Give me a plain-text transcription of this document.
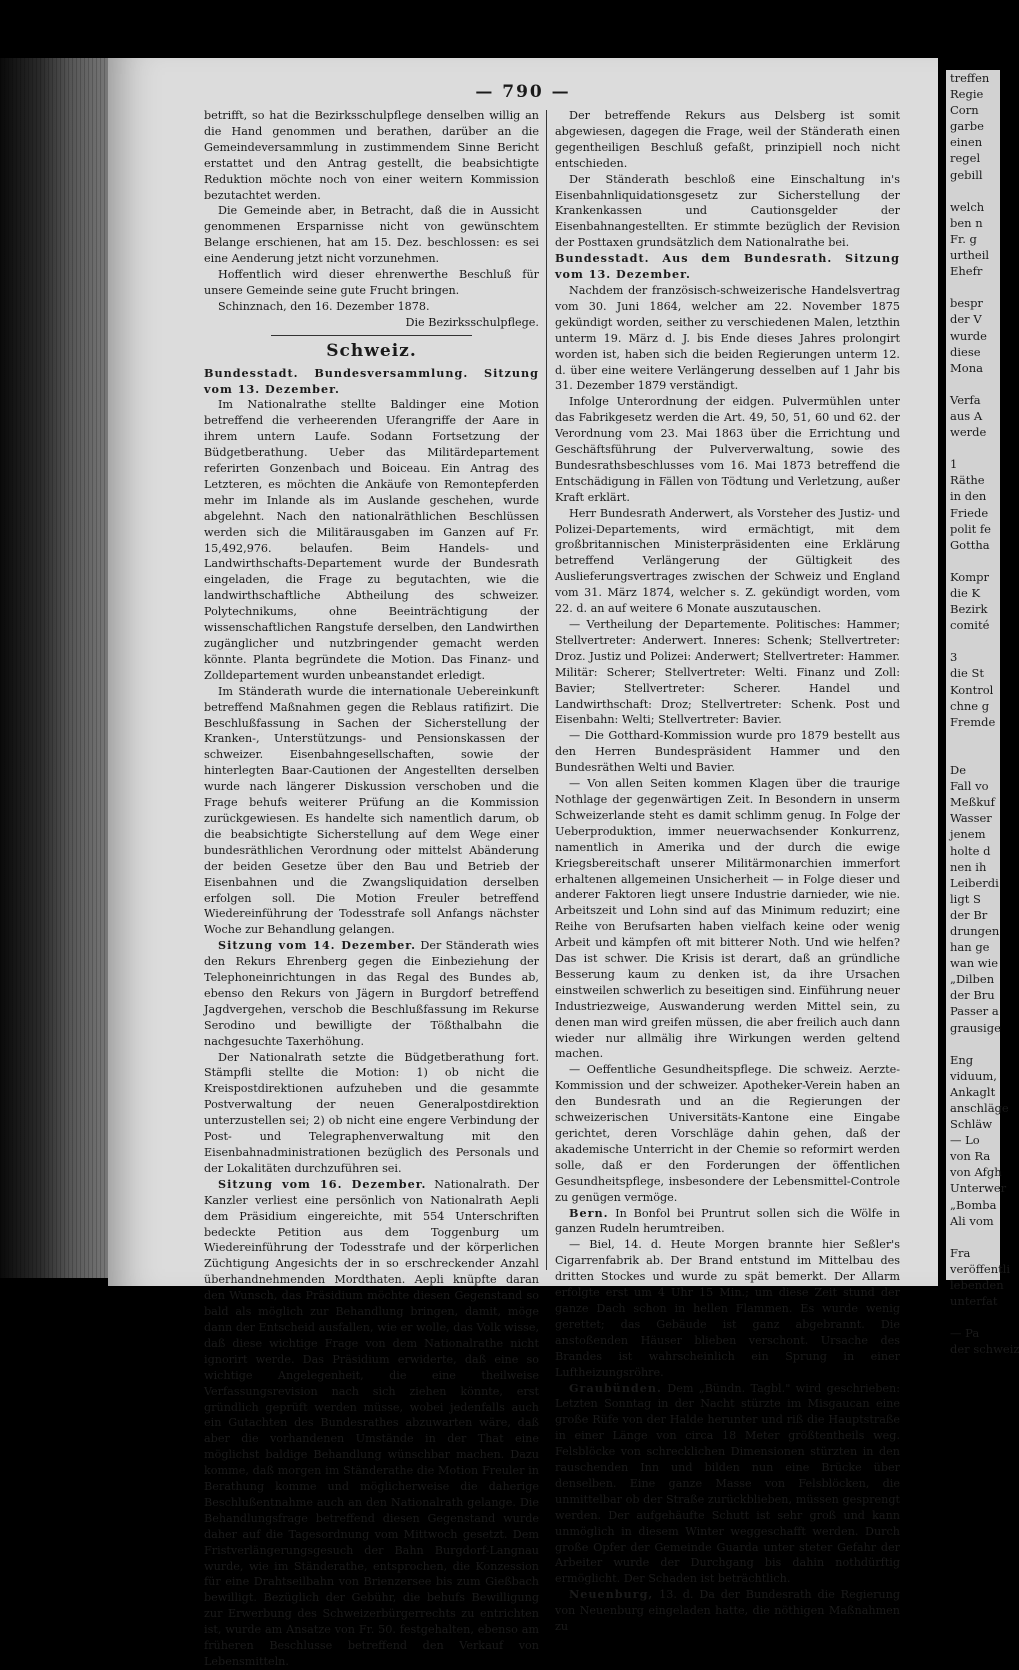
— 790 —

betrifft, so hat die Bezirksschulpflege denselben willig an die Hand genommen und berathen, darüber an die Gemeindeversammlung in zustimmendem Sinne Bericht erstattet und den Antrag gestellt, die beabsichtigte Reduktion möchte noch von einer weitern Kommission bezutachtet werden.

Die Gemeinde aber, in Betracht, daß die in Aussicht genommenen Ersparnisse nicht von gewünschtem Belange erschienen, hat am 15. Dez. beschlossen: es sei eine Aenderung jetzt nicht vorzunehmen.

Hoffentlich wird dieser ehrenwerthe Beschluß für unsere Gemeinde seine gute Frucht bringen.

Schinznach, den 16. Dezember 1878.

Die Bezirksschulpflege.

Schweiz.

Bundesstadt. Bundesversammlung. Sitzung vom 13. Dezember.

Im Nationalrathe stellte Baldinger eine Motion betreffend die verheerenden Uferangriffe der Aare in ihrem untern Laufe. Sodann Fortsetzung der Büdgetberathung. Ueber das Militärdepartement referirten Gonzenbach und Boiceau. Ein Antrag des Letzteren, es möchten die Ankäufe von Remontepferden mehr im Inlande als im Auslande geschehen, wurde abgelehnt. Nach den nationalräthlichen Beschlüssen werden sich die Militärausgaben im Ganzen auf Fr. 15,492,976. belaufen. Beim Handels- und Landwirthschafts-Departement wurde der Bundesrath eingeladen, die Frage zu begutachten, wie die landwirthschaftliche Abtheilung des schweizer. Polytechnikums, ohne Beeinträchtigung der wissenschaftlichen Rangstufe derselben, den Landwirthen zugänglicher und nutzbringender gemacht werden könnte. Planta begründete die Motion. Das Finanz- und Zolldepartement wurden unbeanstandet erledigt.

Im Ständerath wurde die internationale Uebereinkunft betreffend Maßnahmen gegen die Reblaus ratifizirt. Die Beschlußfassung in Sachen der Sicherstellung der Kranken-, Unterstützungs- und Pensionskassen der schweizer. Eisenbahngesellschaften, sowie der hinterlegten Baar-Cautionen der Angestellten derselben wurde nach längerer Diskussion verschoben und die Frage behufs weiterer Prüfung an die Kommission zurückgewiesen. Es handelte sich namentlich darum, ob die beabsichtigte Sicherstellung auf dem Wege einer bundesräthlichen Verordnung oder mittelst Abänderung der beiden Gesetze über den Bau und Betrieb der Eisenbahnen und die Zwangsliquidation derselben erfolgen soll. Die Motion Freuler betreffend Wiedereinführung der Todesstrafe soll Anfangs nächster Woche zur Behandlung gelangen.

Sitzung vom 14. Dezember. Der Ständerath wies den Rekurs Ehrenberg gegen die Einbeziehung der Telephoneinrichtungen in das Regal des Bundes ab, ebenso den Rekurs von Jägern in Burgdorf betreffend Jagdvergehen, verschob die Beschlußfassung im Rekurse Serodino und bewilligte der Tößthalbahn die nachgesuchte Taxerhöhung.

Der Nationalrath setzte die Büdgetberathung fort. Stämpfli stellte die Motion: 1) ob nicht die Kreispostdirektionen aufzuheben und die gesammte Postverwaltung der neuen Generalpostdirektion unterzustellen sei; 2) ob nicht eine engere Verbindung der Post- und Telegraphenverwaltung mit den Eisenbahnadministrationen bezüglich des Personals und der Lokalitäten durchzuführen sei.

Sitzung vom 16. Dezember. Nationalrath. Der Kanzler verliest eine persönlich von Nationalrath Aepli dem Präsidium eingereichte, mit 554 Unterschriften bedeckte Petition aus dem Toggenburg um Wiedereinführung der Todesstrafe und der körperlichen Züchtigung Angesichts der in so erschreckender Anzahl überhandnehmenden Mordthaten. Aepli knüpfte daran den Wunsch, das Präsidium möchte diesen Gegenstand so bald als möglich zur Behandlung bringen, damit, möge dann der Entscheid ausfallen, wie er wolle, das Volk wisse, daß diese wichtige Frage von dem Nationalrathe nicht ignorirt werde. Das Präsidium erwiderte, daß eine so wichtige Angelegenheit, die eine theilweise Verfassungsrevision nach sich ziehen könnte, erst gründlich geprüft werden müsse, wobei jedenfalls auch ein Gutachten des Bundesrathes abzuwarten wäre, daß aber die vorhandenen Umstände in der That eine möglichst baldige Behandlung wünschbar machen. Dazu komme, daß morgen im Ständerathe die Motion Freuler in Berathung komme und möglicherweise die daherige Beschlußentnahme auch an den Nationalrath gelange. Die Behandlungsfrage betreffend diesen Gegenstand wurde daher auf die Tagesordnung vom Mittwoch gesetzt. Dem Fristverlängerungsgesuch der Bahn Burgdorf-Langnau wurde, wie im Ständerathe, entsprochen, die Konzession für eine Drahtseilbahn von Brienzersee bis zum Gießbach bewilligt. Bezüglich der Gebühr, die behufs Bewilligung zur Erwerbung des Schweizerbürgerrechts zu entrichten ist, wurde am Ansatze von Fr. 50. festgehalten, ebenso am früheren Beschlusse betreffend den Verkauf von Lebensmitteln.

Der betreffende Rekurs aus Delsberg ist somit abgewiesen, dagegen die Frage, weil der Ständerath einen gegentheiligen Beschluß gefaßt, prinzipiell noch nicht entschieden.

Der Ständerath beschloß eine Einschaltung in's Eisenbahnliquidationsgesetz zur Sicherstellung der Krankenkassen und Cautionsgelder der Eisenbahnangestellten. Er stimmte bezüglich der Revision der Posttaxen grundsätzlich dem Nationalrathe bei.

Bundesstadt. Aus dem Bundesrath. Sitzung vom 13. Dezember.

Nachdem der französisch-schweizerische Handelsvertrag vom 30. Juni 1864, welcher am 22. November 1875 gekündigt worden, seither zu verschiedenen Malen, letzthin unterm 19. März d. J. bis Ende dieses Jahres prolongirt worden ist, haben sich die beiden Regierungen unterm 12. d. über eine weitere Verlängerung desselben auf 1 Jahr bis 31. Dezember 1879 verständigt.

Infolge Unterordnung der eidgen. Pulvermühlen unter das Fabrikgesetz werden die Art. 49, 50, 51, 60 und 62. der Verordnung vom 23. Mai 1863 über die Errichtung und Geschäftsführung der Pulververwaltung, sowie des Bundesrathsbeschlusses vom 16. Mai 1873 betreffend die Entschädigung in Fällen von Tödtung und Verletzung, außer Kraft erklärt.

Herr Bundesrath Anderwert, als Vorsteher des Justiz- und Polizei-Departements, wird ermächtigt, mit dem großbritannischen Ministerpräsidenten eine Erklärung betreffend Verlängerung der Gültigkeit des Auslieferungsvertrages zwischen der Schweiz und England vom 31. März 1874, welcher s. Z. gekündigt worden, vom 22. d. an auf weitere 6 Monate auszutauschen.

— Vertheilung der Departemente. Politisches: Hammer; Stellvertreter: Anderwert. Inneres: Schenk; Stellvertreter: Droz. Justiz und Polizei: Anderwert; Stellvertreter: Hammer. Militär: Scherer; Stellvertreter: Welti. Finanz und Zoll: Bavier; Stellvertreter: Scherer. Handel und Landwirthschaft: Droz; Stellvertreter: Schenk. Post und Eisenbahn: Welti; Stellvertreter: Bavier.

— Die Gotthard-Kommission wurde pro 1879 bestellt aus den Herren Bundespräsident Hammer und den Bundesräthen Welti und Bavier.

— Von allen Seiten kommen Klagen über die traurige Nothlage der gegenwärtigen Zeit. In Besondern in unserm Schweizerlande steht es damit schlimm genug. In Folge der Ueberproduktion, immer neuerwachsender Konkurrenz, namentlich in Amerika und der durch die ewige Kriegsbereitschaft unserer Militärmonarchien immerfort erhaltenen allgemeinen Unsicherheit — in Folge dieser und anderer Faktoren liegt unsere Industrie darnieder, wie nie. Arbeitszeit und Lohn sind auf das Minimum reduzirt; eine Reihe von Berufsarten haben vielfach keine oder wenig Arbeit und kämpfen oft mit bitterer Noth. Und wie helfen? Das ist schwer. Die Krisis ist derart, daß an gründliche Besserung kaum zu denken ist, da ihre Ursachen einstweilen schwerlich zu beseitigen sind. Einführung neuer Industriezweige, Auswanderung werden Mittel sein, zu denen man wird greifen müssen, die aber freilich auch dann wieder nur allmälig ihre Wirkungen werden geltend machen.

— Oeffentliche Gesundheitspflege. Die schweiz. Aerzte-Kommission und der schweizer. Apotheker-Verein haben an den Bundesrath und an die Regierungen der schweizerischen Universitäts-Kantone eine Eingabe gerichtet, deren Vorschläge dahin gehen, daß der akademische Unterricht in der Chemie so reformirt werden solle, daß er den Forderungen der öffentlichen Gesundheitspflege, insbesondere der Lebensmittel-Controle zu genügen vermöge.

Bern. In Bonfol bei Pruntrut sollen sich die Wölfe in ganzen Rudeln herumtreiben.

— Biel, 14. d. Heute Morgen brannte hier Seßler's Cigarrenfabrik ab. Der Brand entstund im Mittelbau des dritten Stockes und wurde zu spät bemerkt. Der Allarm erfolgte erst um 4 Uhr 15 Min.; um diese Zeit stund der ganze Dach schon in hellen Flammen. Es wurde wenig gerettet; das Gebäude ist ganz abgebrannt. Die anstoßenden Häuser blieben verschont. Ursache des Brandes ist wahrscheinlich ein Sprung in einer Luftheizungsröhre.

Graubünden. Dem „Bündn. Tagbl." wird geschrieben: Letzten Sonntag in der Nacht stürzte im Misgaucan eine große Rüfe von der Halde herunter und riß die Hauptstraße in einer Länge von circa 18 Meter größtentheils weg. Felsblöcke von schrecklichen Dimensionen stürzten in den rauschenden Inn und bilden nun eine Brücke über denselben. Eine ganze Masse von Felsblöcken, die unmittelbar ob der Straße zurückblieben, müssen gesprengt werden. Der aufgehäufte Schutt ist sehr groß und kann unmöglich in diesem Winter weggeschafft werden. Durch große Opfer der Gemeinde Guarda unter steter Gefahr der Arbeiter wurde der Durchgang bis dahin nothdürftig ermöglicht. Der Schaden ist beträchtlich.

Neuenburg, 13. d. Da der Bundesrath die Regierung von Neuenburg eingeladen hatte, die nöthigen Maßnahmen zu

treffen
Regie
Corn
garbe
einen
regel
gebill

welch
ben n
Fr. g
urtheil
Ehefr

bespr
der V
wurde
diese
Mona

Verfa
aus A
werde

1
Räthe
in den
Friede
polit fe
Gottha

Kompr
die K
Bezirk
comité

3
die St
Kontrol
chne g
Fremde

De
Fall vo
Meßkuf
Wasser
jenem
holte d
nen ih
Leiberdi
ligt S
der Br
drungen
han ge
wan wie
„Dilben
der Bru
Passer a
grausige

Eng
viduum,
Ankaglt
anschläge
Schläw
— Lo
von Ra
von Afgh
Unterwer
„Bomba
Ali vom

Fra
veröffentli
lebenden
unterfat

— Pa
der schweiz
